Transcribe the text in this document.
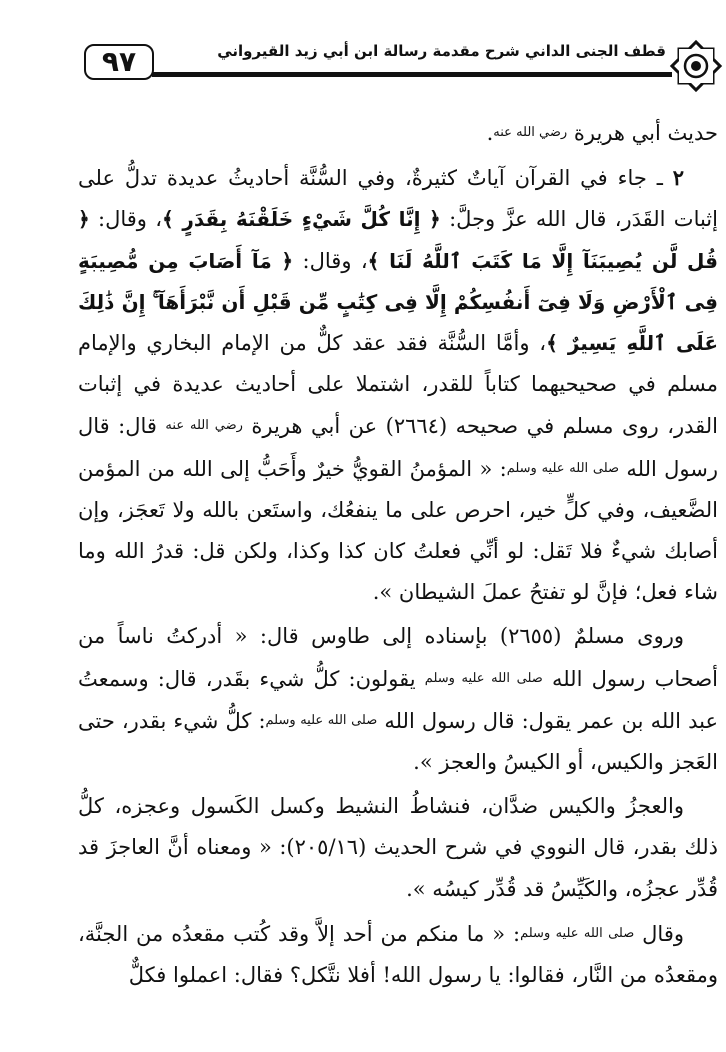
٩٧	قطف الجنى الداني شرح مقدمة رسالة ابن أبي زيد القيرواني

حديث أبي هريرة رضي الله عنه.

٢ ـ جاء في القرآن آياتٌ كثيرةٌ، وفي السُّنَّة أحاديثُ عديدة تدلُّ على إثبات القَدَر، قال الله عزَّ وجلَّ: ﴿ إِنَّا كُلَّ شَيْءٍ خَلَقْنَهُ بِقَدَرٍ ﴾، وقال: ﴿ قُل لَّن يُصِيبَنَآ إِلَّا مَا كَتَبَ ٱللَّهُ لَنَا ﴾، وقال: ﴿ مَآ أَصَابَ مِن مُّصِيبَةٍ فِى ٱلْأَرْضِ وَلَا فِىٓ أَنفُسِكُمْ إِلَّا فِى كِتَٰبٍ مِّن قَبْلِ أَن نَّبْرَأَهَآ ۚ إِنَّ ذَٰلِكَ عَلَى ٱللَّهِ يَسِيرٌ ﴾، وأمَّا السُّنَّة فقد عقد كلٌّ من الإمام البخاري والإمام مسلم في صحيحيهما كتاباً للقدر، اشتملا على أحاديث عديدة في إثبات القدر، روى مسلم في صحيحه (٢٦٦٤) عن أبي هريرة رضي الله عنه قال: قال رسول الله صلى الله عليه وسلم: « المؤمنُ القويُّ خيرٌ وأَحَبُّ إلى الله من المؤمن الضَّعيف، وفي كلٍّ خير، احرص على ما ينفعُك، واستَعن بالله ولا تَعجَز، وإن أصابك شيءٌ فلا تَقل: لو أنِّي فعلتُ كان كذا وكذا، ولكن قل: قدرُ الله وما شاء فعل؛ فإنَّ لو تفتحُ عملَ الشيطان ».

وروى مسلمٌ (٢٦٥٥) بإسناده إلى طاوس قال: « أدركتُ ناساً من أصحاب رسول الله صلى الله عليه وسلم يقولون: كلُّ شيء بقَدر، قال: وسمعتُ عبد الله بن عمر يقول: قال رسول الله صلى الله عليه وسلم: كلُّ شيء بقدر، حتى العَجز والكيس، أو الكيسُ والعجز ».

والعجزُ والكيس ضدَّان، فنشاطُ النشيط وكسل الكَسول وعجزه، كلُّ ذلك بقدر، قال النووي في شرح الحديث (٢٠٥/١٦): « ومعناه أنَّ العاجزَ قد قُدِّر عجزُه، والكَيِّسُ قد قُدِّر كيسُه ».

وقال صلى الله عليه وسلم: « ما منكم من أحد إلاَّ وقد كُتب مقعدُه من الجنَّة، ومقعدُه من النَّار، فقالوا: يا رسول الله! أفلا نتَّكل؟ فقال: اعملوا فكلٌّ
